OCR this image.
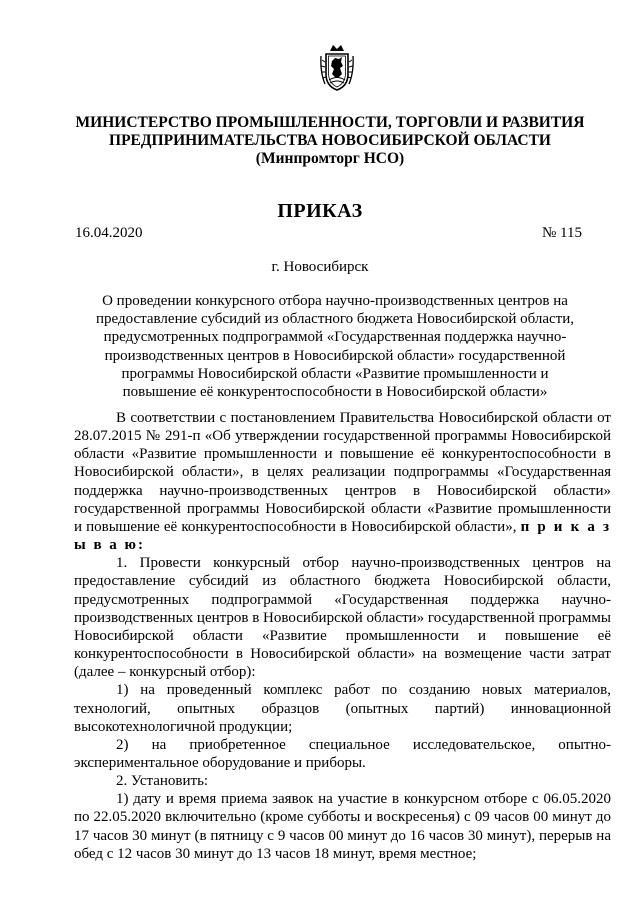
МИНИСТЕРСТВО ПРОМЫШЛЕННОСТИ, ТОРГОВЛИ И РАЗВИТИЯ
ПРЕДПРИНИМАТЕЛЬСТВА НОВОСИБИРСКОЙ ОБЛАСТИ
(Минпромторг НСО)
ПРИКАЗ
16.04.2020	№ 115
г. Новосибирск
О проведении конкурсного отбора научно-производственных центров на предоставление субсидий из областного бюджета Новосибирской области, предусмотренных подпрограммой «Государственная поддержка научно-производственных центров в Новосибирской области» государственной программы Новосибирской области «Развитие промышленности и повышение её конкурентоспособности в Новосибирской области»

В соответствии с постановлением Правительства Новосибирской области от 28.07.2015 № 291-п «Об утверждении государственной программы Новосибирской области «Развитие промышленности и повышение её конкурентоспособности в Новосибирской области», в целях реализации подпрограммы «Государственная поддержка научно-производственных центров в Новосибирской области» государственной программы Новосибирской области «Развитие промышленности и повышение её конкурентоспособности в Новосибирской области», п р и к а з ы в а ю:

1. Провести конкурсный отбор научно-производственных центров на предоставление субсидий из областного бюджета Новосибирской области, предусмотренных подпрограммой «Государственная поддержка научно-производственных центров в Новосибирской области» государственной программы Новосибирской области «Развитие промышленности и повышение её конкурентоспособности в Новосибирской области» на возмещение части затрат (далее – конкурсный отбор):

1) на проведенный комплекс работ по созданию новых материалов, технологий, опытных образцов (опытных партий) инновационной высокотехнологичной продукции;

2) на приобретенное специальное исследовательское, опытно-экспериментальное оборудование и приборы.

2. Установить:

1) дату и время приема заявок на участие в конкурсном отборе с 06.05.2020 по 22.05.2020 включительно (кроме субботы и воскресенья) с 09 часов 00 минут до 17 часов 30 минут (в пятницу с 9 часов 00 минут до 16 часов 30 минут), перерыв на обед с 12 часов 30 минут до 13 часов 18 минут, время местное;
